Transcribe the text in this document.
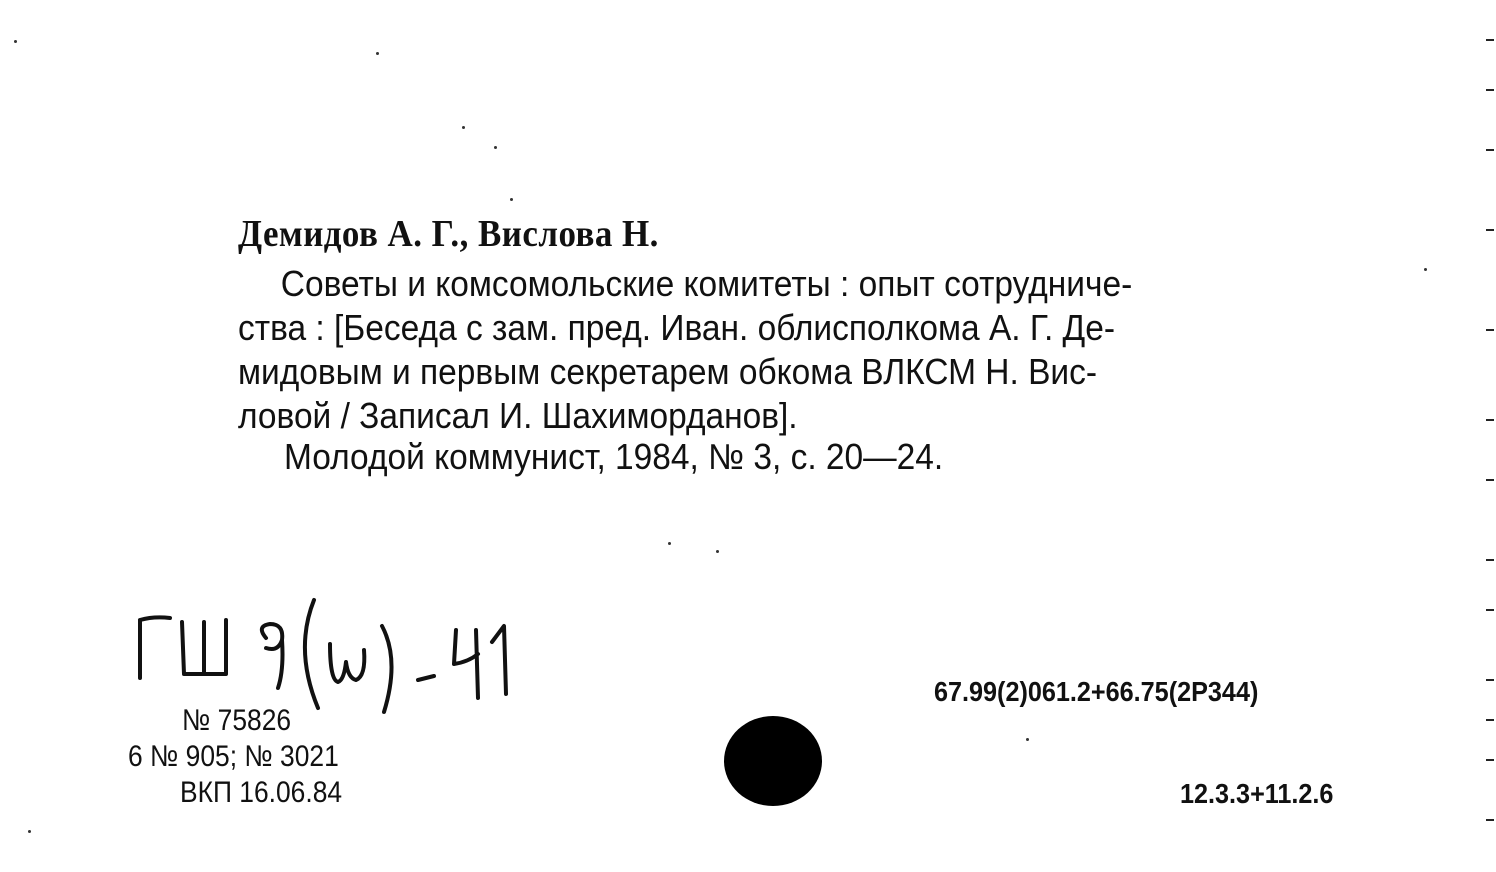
Демидов А. Г., Вислова Н.
Советы и комсомольские комитеты : опыт сотрудниче-
ства : [Беседа с зам. пред. Иван. облисполкома А. Г. Де-
мидовым и первым секретарем обкома ВЛКСМ Н. Вис-
ловой / Записал И. Шахиморданов].
Молодой коммунист, 1984, № 3, с. 20—24.
№ 75826
6 № 905; № 3021
ВКП 16.06.84
67.99(2)061.2+66.75(2Р344)
12.3.3+11.2.6
